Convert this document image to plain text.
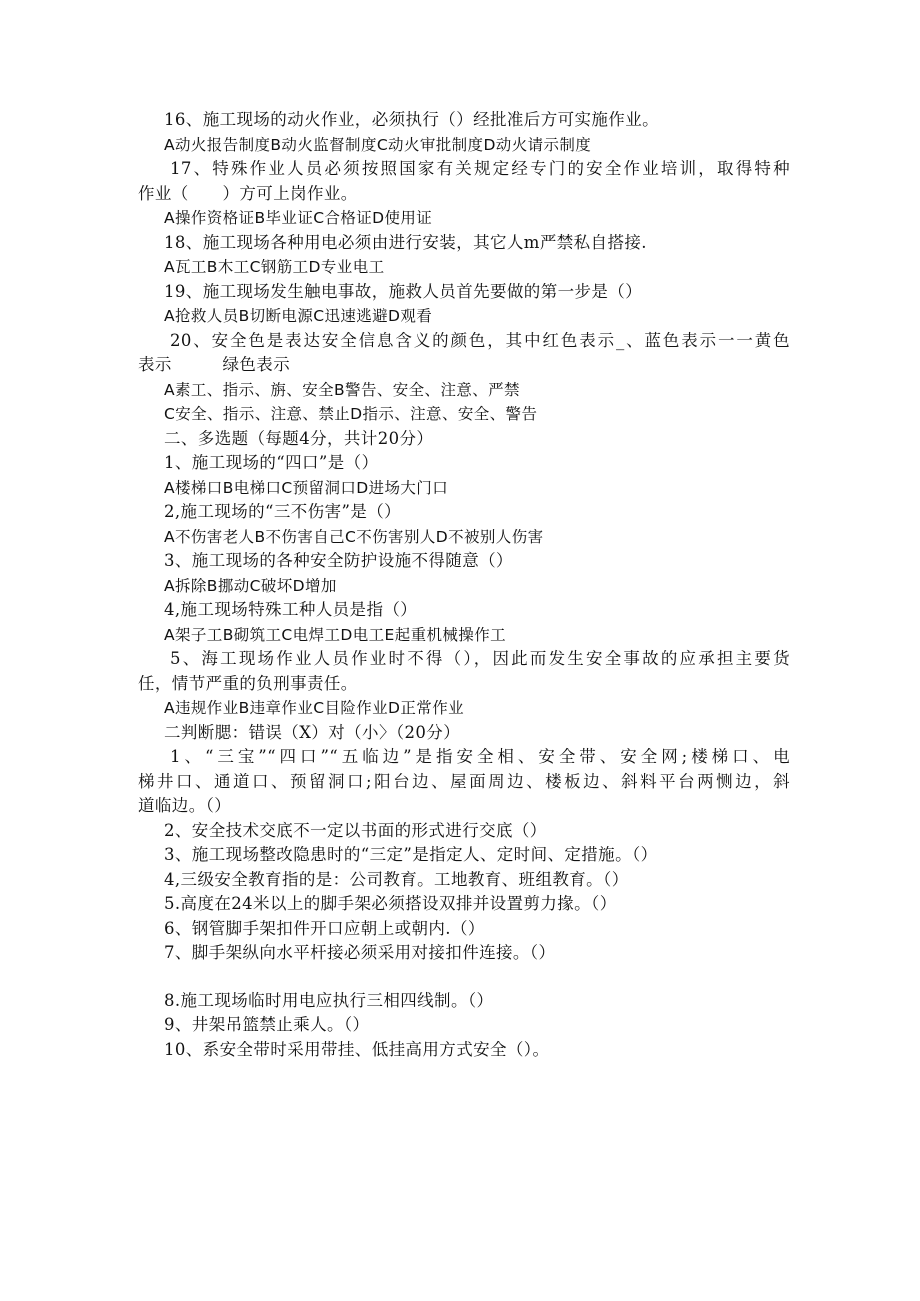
16、施工现场的动火作业，必须执行（）经批准后方可实施作业。
A动火报告制度B动火监督制度C动火审批制度D动火请示制度
17、特殊作业人员必须按照国家有关规定经专门的安全作业培训，取得特种
作业（　　）方可上岗作业。
A操作资格证B毕业证C合格证D使用证
18、施工现场各种用电必须由进行安装，其它人m严禁私自搭接.
A瓦工B木工C钢筋工D专业电工
19、施工现场发生触电事故，施救人员首先要做的第一步是（）
A抢救人员B切断电源C迅速逃避D观看
20、安全色是表达安全信息含义的颜色，其中红色表示_、蓝色表示一一黄色
表示　　　绿色表示
A素工、指示、旃、安全B警告、安全、注意、严禁
C安全、指示、注意、禁止D指示、注意、安全、警告
二、多选题（每题4分，共计20分）
1、施工现场的“四口”是（）
A楼梯口B电梯口C预留洞口D进场大门口
2,施工现场的“三不伤害”是（）
A不伤害老人B不伤害自己C不伤害别人D不被别人伤害
3、施工现场的各种安全防护设施不得随意（）
A拆除B挪动C破坏D增加
4,施工现场特殊工种人员是指（）
A架子工B砌筑工C电焊工D电工E起重机械操作工
5、海工现场作业人员作业时不得（），因此而发生安全事故的应承担主要货
任，情节严重的负刑事责任。
A违规作业B违章作业C目险作业D正常作业
二判断腮：错误（X）对（小〉（20分）
1、“三宝”“四口”“五临边”是指安全相、安全带、安全网;楼梯口、电
梯井口、通道口、预留洞口;阳台边、屋面周边、楼板边、斜料平台两恻边，斜
道临边。（）
2、安全技术交底不一定以书面的形式进行交底（）
3、施工现场整改隐患时的“三定”是指定人、定时间、定措施。（）
4,三级安全教育指的是：公司教育。工地教育、班组教育。（）
5.高度在24米以上的脚手架必须搭设双排并设置剪力掾。（）
6、钢管脚手架扣件开口应朝上或朝内.（）
7、脚手架纵向水平杆接必须采用对接扣件连接。（）
8.施工现场临时用电应执行三相四线制。（）
9、井架吊篮禁止乘人。（）
10、系安全带时采用带挂、低挂高用方式安全（）。
